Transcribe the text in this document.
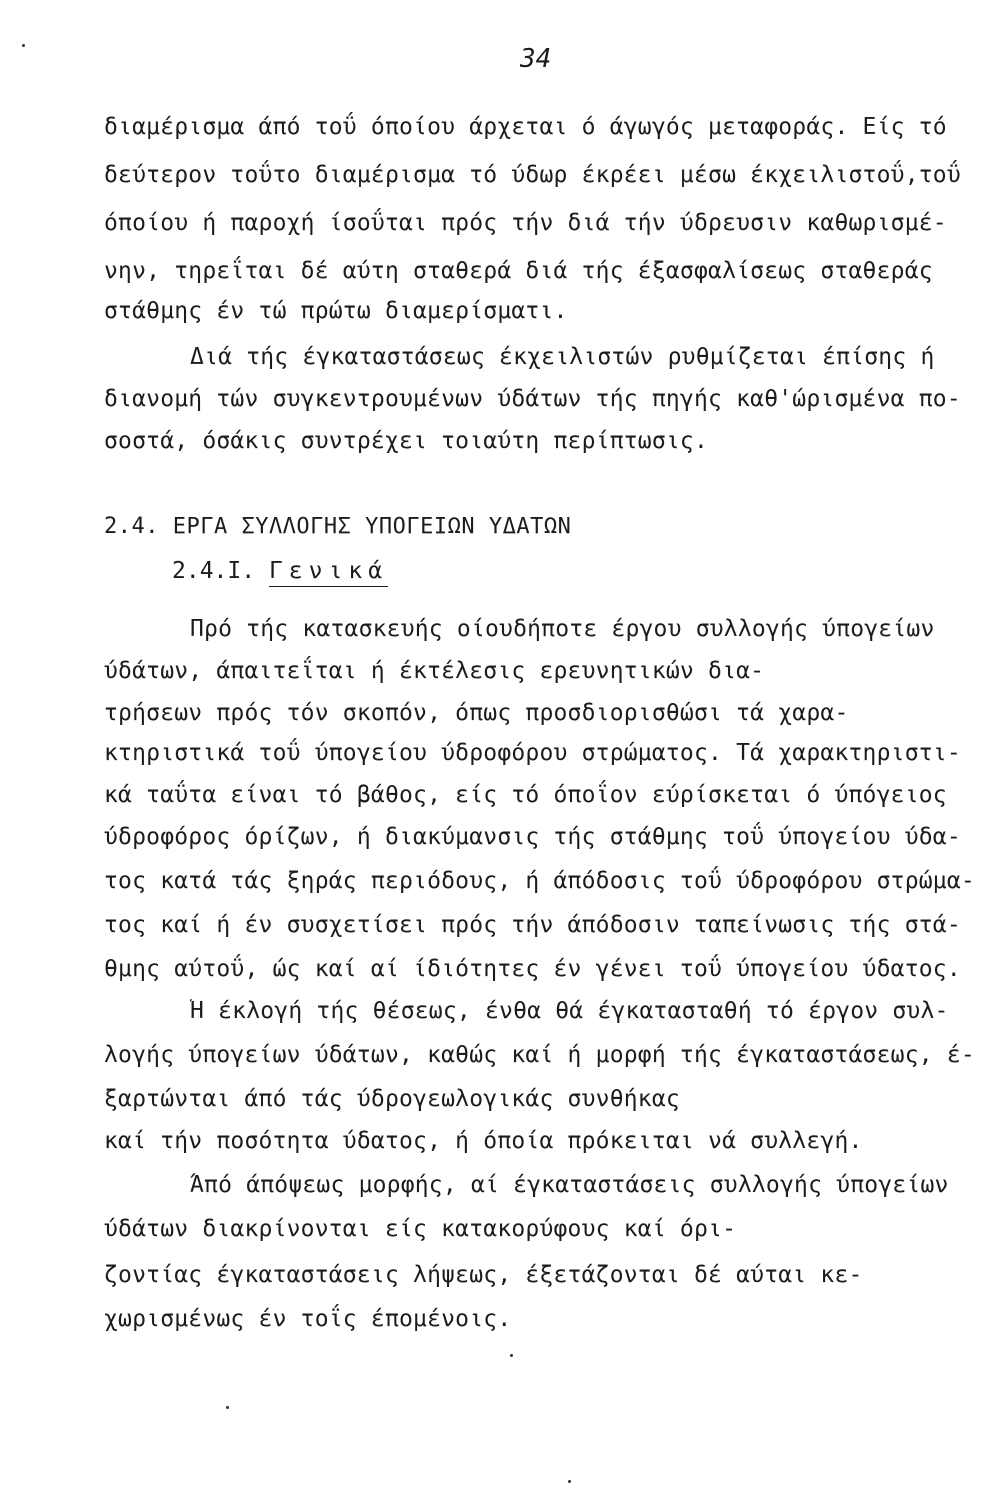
34
διαμέρισμα άπό τοΰ όποίου άρχεται ό άγωγός μεταφοράς. Είς τό
δεύτερον τοΰτο διαμέρισμα τό ύδωρ έκρέει μέσω έκχειλιστοΰ,τοΰ
όποίου ή παροχή ίσοΰται πρός τήν διά τήν ύδρευσιν καθωρισμέ-
νην, τηρεΐται δέ αύτη σταθερά διά τής έξασφαλίσεως σταθεράς
στάθμης έν τώ πρώτω διαμερίσματι.
Διά τής έγκαταστάσεως έκχειλιστών ρυθμίζεται έπίσης ή
διανομή τών συγκεντρουμένων ύδάτων τής πηγής καθ'ώρισμένα πο-
σοστά, όσάκις συντρέχει τοιαύτη περίπτωσις.
2.4. ΕΡΓΑ ΣΥΛΛΟΓΗΣ ΥΠΟΓΕΙΩΝ ΥΔΑΤΩΝ
2.4.I. Γενικά
Πρό τής κατασκευής οίουδήποτε έργου συλλογής ύπογείων
ύδάτων, άπαιτεΐται ή έκτέλεσις ερευνητικών δια-
τρήσεων πρός τόν σκοπόν, όπως προσδιορισθώσι τά χαρα-
κτηριστικά τοΰ ύπογείου ύδροφόρου στρώματος. Τά χαρακτηριστι-
κά ταΰτα είναι τό βάθος, είς τό όποΐον εύρίσκεται ό ύπόγειος
ύδροφόρος όρίζων, ή διακύμανσις τής στάθμης τοΰ ύπογείου ύδα-
τος κατά τάς ξηράς περιόδους, ή άπόδοσις τοΰ ύδροφόρου στρώμα-
τος καί ή έν συσχετίσει πρός τήν άπόδοσιν ταπείνωσις τής στά-
θμης αύτοΰ, ώς καί αί ίδιότητες έν γένει τοΰ ύπογείου ύδατος.
Ή έκλογή τής θέσεως, ένθα θά έγκατασταθή τό έργον συλ-
λογής ύπογείων ύδάτων, καθώς καί ή μορφή τής έγκαταστάσεως, έ-
ξαρτώνται άπό τάς ύδρογεωλογικάς συνθήκας
καί τήν ποσότητα ύδατος, ή όποία πρόκειται νά συλλεγή.
Άπό άπόψεως μορφής, αί έγκαταστάσεις συλλογής ύπογείων
ύδάτων διακρίνονται είς κατακορύφους καί όρι-
ζοντίας έγκαταστάσεις λήψεως, έξετάζονται δέ αύται κε-
χωρισμένως έν τοΐς έπομένοις.
